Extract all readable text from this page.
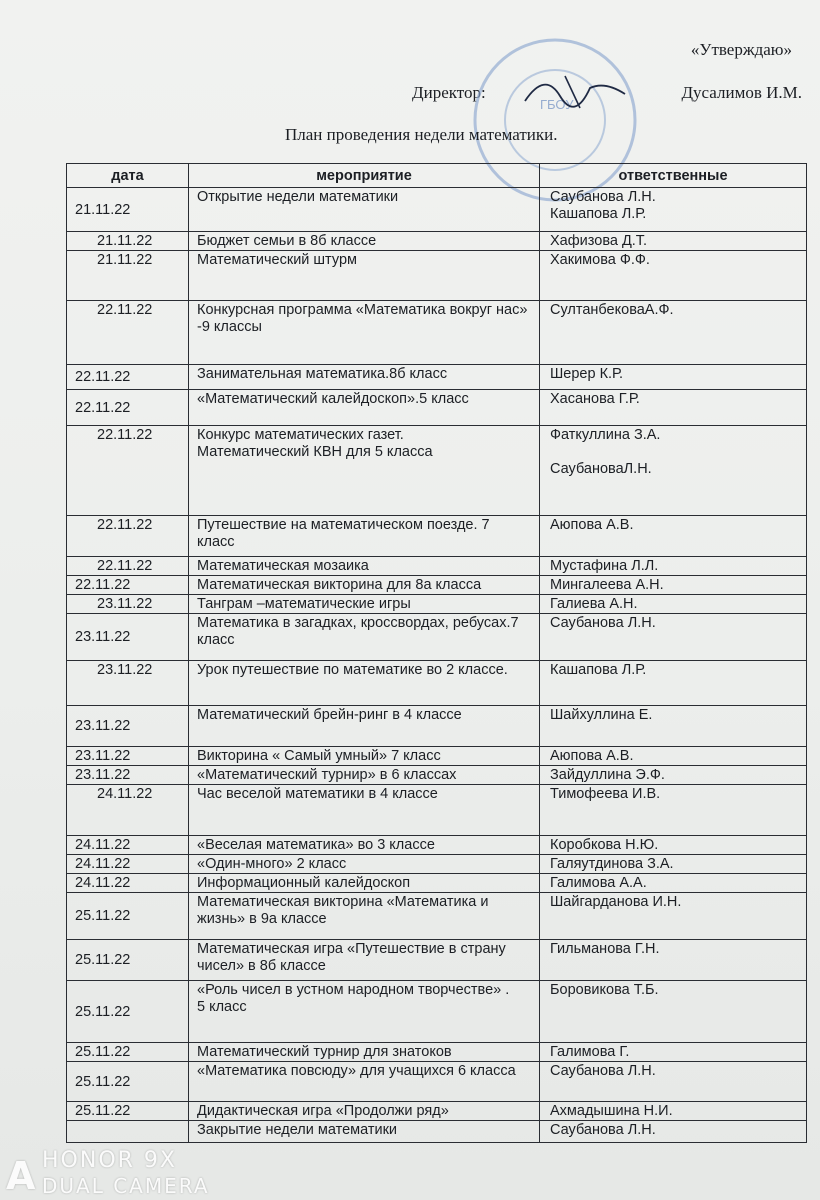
«Утверждаю»
Директор:	Дусалимов И.М.
ГБОУ
План проведения недели математики.
дата	мероприятие	ответственные
21.11.22	Открытие недели математики	Саубанова Л.Н.
Кашапова Л.Р.
21.11.22	Бюджет семьи в 8б классе	Хафизова Д.Т.
21.11.22	Математический штурм	Хакимова Ф.Ф.
22.11.22	Конкурсная программа «Математика вокруг нас» -9 классы	СултанбековаА.Ф.
22.11.22	Занимательная математика.8б класс	Шерер К.Р.
22.11.22	«Математический калейдоскоп».5 класс	Хасанова Г.Р.
22.11.22	Конкурс математических газет.
Математический КВН для 5 класса	Фаткуллина З.А.

СаубановаЛ.Н.
22.11.22	Путешествие на математическом поезде. 7 класс	Аюпова А.В.
22.11.22	Математическая мозаика	Мустафина Л.Л.
22.11.22	Математическая викторина для 8а класса	Мингалеева А.Н.
23.11.22	Танграм –математические игры	Галиева А.Н.
23.11.22	Математика в загадках, кроссвордах, ребусах.7 класс	Саубанова Л.Н.
23.11.22	Урок путешествие по математике во 2 классе.	Кашапова Л.Р.
23.11.22	Математический брейн-ринг в 4 классе	Шайхуллина Е.
23.11.22	Викторина « Самый умный» 7 класс	Аюпова А.В.
23.11.22	«Математический турнир» в 6 классах	Зайдуллина Э.Ф.
24.11.22	Час веселой математики в 4 классе	Тимофеева И.В.
24.11.22	«Веселая математика» во 3 классе	Коробкова Н.Ю.
24.11.22	«Один-много» 2 класс	Галяутдинова З.А.
24.11.22	Информационный калейдоскоп	Галимова А.А.
25.11.22	Математическая викторина «Математика и жизнь» в 9а классе	Шайгарданова И.Н.
25.11.22	Математическая игра «Путешествие в страну чисел» в 8б классе	Гильманова Г.Н.
25.11.22	«Роль чисел в устном народном творчестве» .
5 класс	Боровикова Т.Б.
25.11.22	Математический турнир для знатоков	Галимова Г.
25.11.22	«Математика повсюду» для учащихся 6 класса	Саубанова Л.Н.
25.11.22	Дидактическая игра «Продолжи ряд»	Ахмадышина Н.И.
	Закрытие недели математики	Саубанова Л.Н.
A HONOR 9X
DUAL CAMERA
